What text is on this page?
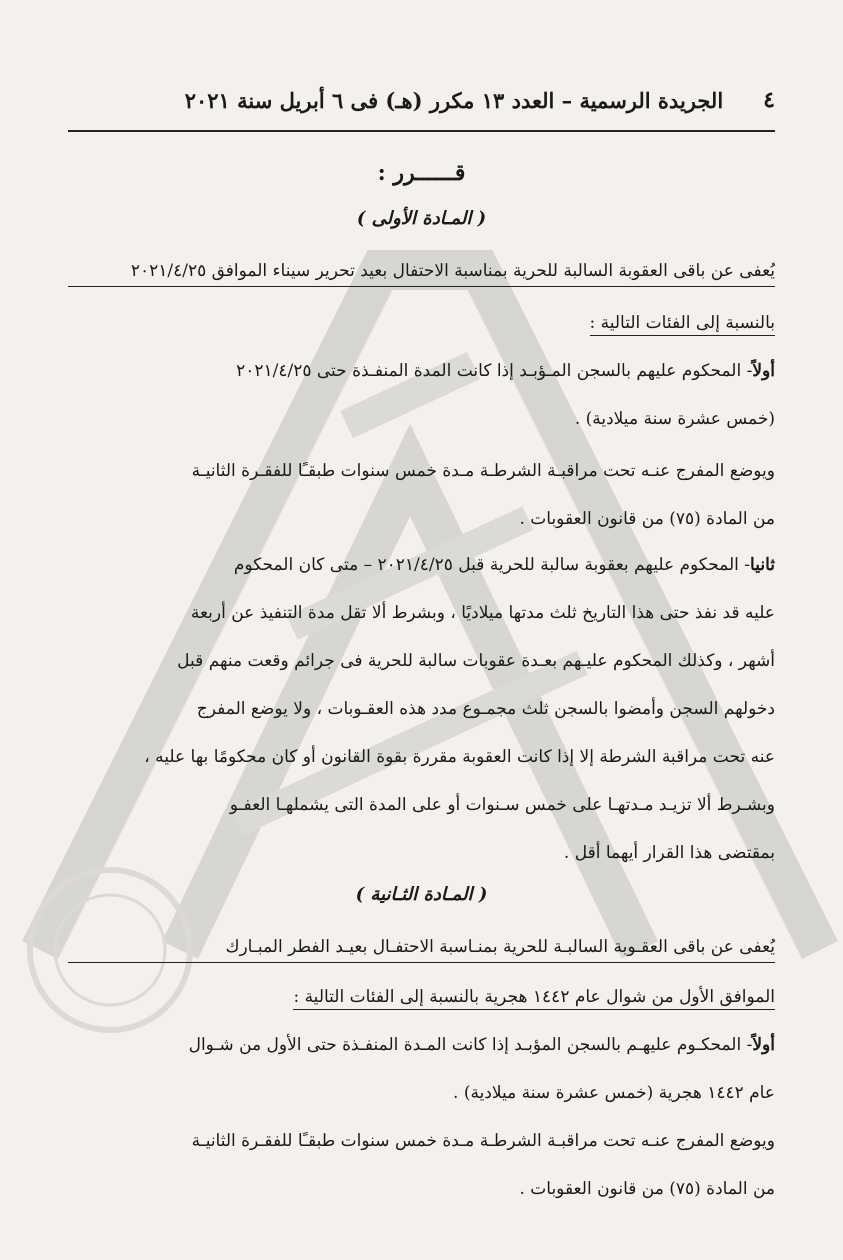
٤
الجريدة الرسمية – العدد ١٣ مكرر (هـ) فى ٦ أبريل سنة ٢٠٢١
قــــــرر :
( المـادة الأولى )
يُعفى عن باقى العقوبة السالبة للحرية بمناسبة الاحتفال بعيد تحرير سيناء الموافق ٢٠٢١/٤/٢٥
بالنسبة إلى الفئات التالية :
أولاً- المحكوم عليهم بالسجن المـؤبـد إذا كانت المدة المنفـذة حتى ٢٠٢١/٤/٢٥
(خمس عشرة سنة ميلادية) .
ويوضع المفرج عنـه تحت مراقبـة الشرطـة مـدة خمس سنوات طبقـًا للفقـرة الثانيـة
من المادة (٧٥) من قانون العقوبات .
ثانيا- المحكوم عليهم بعقوبة سالبة للحرية قبل ٢٠٢١/٤/٢٥ – متى كان المحكوم
عليه قد نفذ حتى هذا التاريخ ثلث مدتها ميلاديًا ، وبشرط ألا تقل مدة التنفيذ عن أربعة
أشهر ، وكذلك المحكوم عليـهم بعـدة عقوبات سالبة للحرية فى جرائم وقعت منهم قبل
دخولهم السجن وأمضوا بالسجن ثلث مجمـوع مدد هذه العقـوبات ، ولا يوضع المفرج
عنه تحت مراقبة الشرطة إلا إذا كانت العقوبة مقررة بقوة القانون أو كان محكومًا بها عليه ،
وبشـرط ألا تزيـد مـدتهـا على خمس سـنوات أو على المدة التى يشملهـا العفـو
بمقتضى هذا القرار أيهما أقل .
( المـادة الثـانية )
يُعفى عن باقى العقـوبة السالبـة للحرية بمنـاسبة الاحتفـال بعيـد الفطر المبـارك
الموافق الأول من شوال عام ١٤٤٢ هجرية بالنسبة إلى الفئات التالية :
أولاً- المحكـوم عليهـم بالسجن المؤبـد إذا كانت المـدة المنفـذة حتى الأول من شـوال
عام ١٤٤٢ هجرية (خمس عشرة سنة ميلادية) .
ويوضع المفرج عنـه تحت مراقبـة الشرطـة مـدة خمس سنوات طبقـًا للفقـرة الثانيـة
من المادة (٧٥) من قانون العقوبات .
